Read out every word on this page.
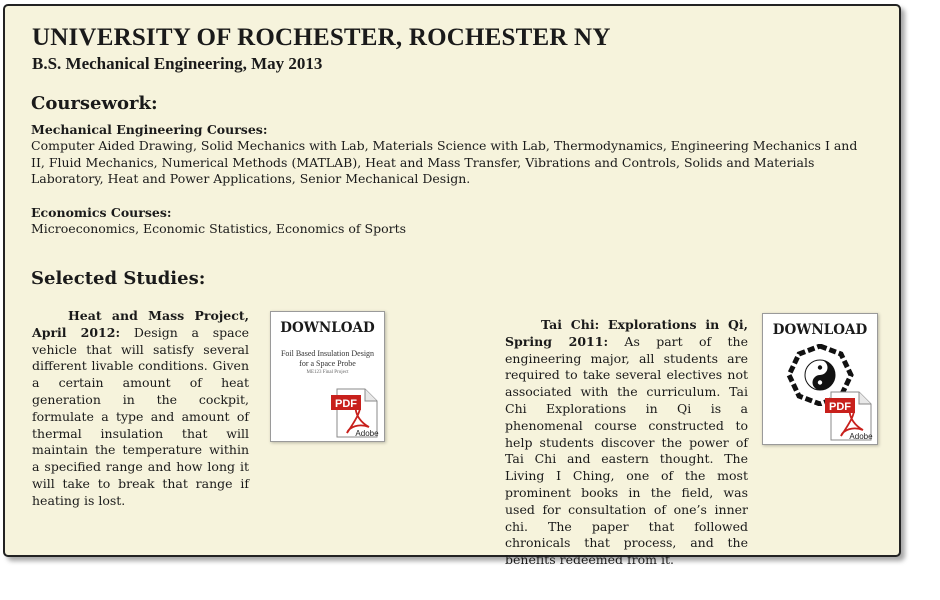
UNIVERSITY OF ROCHESTER, ROCHESTER NY
B.S. Mechanical Engineering, May 2013
Coursework:
Mechanical Engineering Courses:
Computer Aided Drawing, Solid Mechanics with Lab, Materials Science with Lab, Thermodynamics, Engineering Mechanics I and II, Fluid Mechanics, Numerical Methods (MATLAB), Heat and Mass Transfer, Vibrations and Controls, Solids and Materials Laboratory, Heat and Power Applications, Senior Mechanical Design.
Economics Courses:
Microeconomics, Economic Statistics, Economics of Sports
Selected Studies:
Heat and Mass Project, April 2012: Design a space vehicle that will satisfy several different livable conditions. Given a certain amount of heat generation in the cockpit, formulate a type and amount of thermal insulation that will maintain the temperature within a specified range and how long it will take to break that range if heating is lost.
DOWNLOAD
Foil Based Insulation Design for a Space Probe
ME123 Final Project
PDF
Adobe
Tai Chi: Explorations in Qi, Spring 2011: As part of the engineering major, all students are required to take several electives not associated with the curriculum. Tai Chi Explorations in Qi is a phenomenal course constructed to help students discover the power of Tai Chi and eastern thought. The Living I Ching, one of the most prominent books in the field, was used for consultation of one’s inner chi. The paper that followed chronicals that process, and the benefits redeemed from it.
DOWNLOAD
PDF
Adobe
